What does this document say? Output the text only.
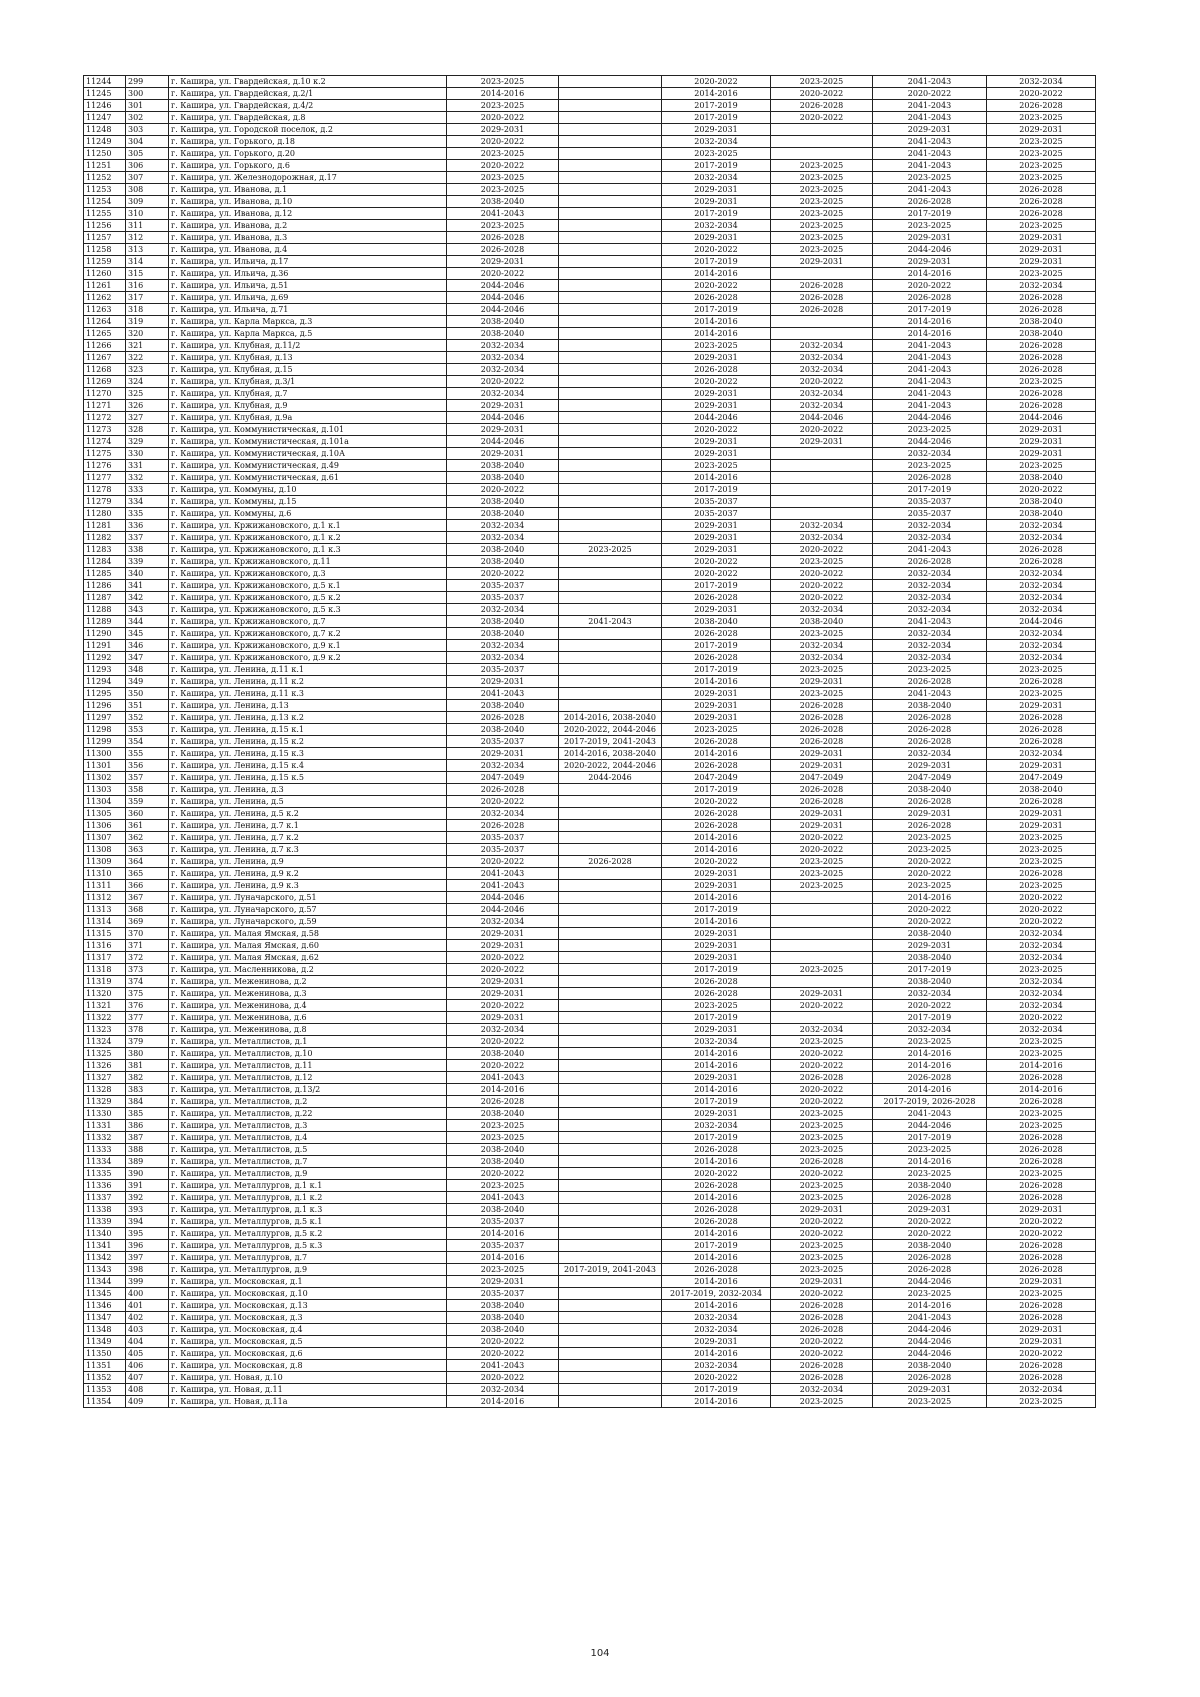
11244	299	г. Кашира, ул. Гвардейская, д.10 к.2	2023-2025		2020-2022	2023-2025	2041-2043	2032-2034
11245	300	г. Кашира, ул. Гвардейская, д.2/1	2014-2016		2014-2016	2020-2022	2020-2022	2020-2022
11246	301	г. Кашира, ул. Гвардейская, д.4/2	2023-2025		2017-2019	2026-2028	2041-2043	2026-2028
11247	302	г. Кашира, ул. Гвардейская, д.8	2020-2022		2017-2019	2020-2022	2041-2043	2023-2025
11248	303	г. Кашира, ул. Городской поселок, д.2	2029-2031		2029-2031		2029-2031	2029-2031
11249	304	г. Кашира, ул. Горького, д.18	2020-2022		2032-2034		2041-2043	2023-2025
11250	305	г. Кашира, ул. Горького, д.20	2023-2025		2023-2025		2041-2043	2023-2025
11251	306	г. Кашира, ул. Горького, д.6	2020-2022		2017-2019	2023-2025	2041-2043	2023-2025
11252	307	г. Кашира, ул. Железнодорожная, д.17	2023-2025		2032-2034	2023-2025	2023-2025	2023-2025
11253	308	г. Кашира, ул. Иванова, д.1	2023-2025		2029-2031	2023-2025	2041-2043	2026-2028
11254	309	г. Кашира, ул. Иванова, д.10	2038-2040		2029-2031	2023-2025	2026-2028	2026-2028
11255	310	г. Кашира, ул. Иванова, д.12	2041-2043		2017-2019	2023-2025	2017-2019	2026-2028
11256	311	г. Кашира, ул. Иванова, д.2	2023-2025		2032-2034	2023-2025	2023-2025	2023-2025
11257	312	г. Кашира, ул. Иванова, д.3	2026-2028		2029-2031	2023-2025	2029-2031	2029-2031
11258	313	г. Кашира, ул. Иванова, д.4	2026-2028		2020-2022	2023-2025	2044-2046	2029-2031
11259	314	г. Кашира, ул. Ильича, д.17	2029-2031		2017-2019	2029-2031	2029-2031	2029-2031
11260	315	г. Кашира, ул. Ильича, д.36	2020-2022		2014-2016		2014-2016	2023-2025
11261	316	г. Кашира, ул. Ильича, д.51	2044-2046		2020-2022	2026-2028	2020-2022	2032-2034
11262	317	г. Кашира, ул. Ильича, д.69	2044-2046		2026-2028	2026-2028	2026-2028	2026-2028
11263	318	г. Кашира, ул. Ильича, д.71	2044-2046		2017-2019	2026-2028	2017-2019	2026-2028
11264	319	г. Кашира, ул. Карла Маркса, д.3	2038-2040		2014-2016		2014-2016	2038-2040
11265	320	г. Кашира, ул. Карла Маркса, д.5	2038-2040		2014-2016		2014-2016	2038-2040
11266	321	г. Кашира, ул. Клубная, д.11/2	2032-2034		2023-2025	2032-2034	2041-2043	2026-2028
11267	322	г. Кашира, ул. Клубная, д.13	2032-2034		2029-2031	2032-2034	2041-2043	2026-2028
11268	323	г. Кашира, ул. Клубная, д.15	2032-2034		2026-2028	2032-2034	2041-2043	2026-2028
11269	324	г. Кашира, ул. Клубная, д.3/1	2020-2022		2020-2022	2020-2022	2041-2043	2023-2025
11270	325	г. Кашира, ул. Клубная, д.7	2032-2034		2029-2031	2032-2034	2041-2043	2026-2028
11271	326	г. Кашира, ул. Клубная, д.9	2029-2031		2029-2031	2032-2034	2041-2043	2026-2028
11272	327	г. Кашира, ул. Клубная, д.9а	2044-2046		2044-2046	2044-2046	2044-2046	2044-2046
11273	328	г. Кашира, ул. Коммунистическая, д.101	2029-2031		2020-2022	2020-2022	2023-2025	2029-2031
11274	329	г. Кашира, ул. Коммунистическая, д.101а	2044-2046		2029-2031	2029-2031	2044-2046	2029-2031
11275	330	г. Кашира, ул. Коммунистическая, д.10А	2029-2031		2029-2031		2032-2034	2029-2031
11276	331	г. Кашира, ул. Коммунистическая, д.49	2038-2040		2023-2025		2023-2025	2023-2025
11277	332	г. Кашира, ул. Коммунистическая, д.61	2038-2040		2014-2016		2026-2028	2038-2040
11278	333	г. Кашира, ул. Коммуны, д.10	2020-2022		2017-2019		2017-2019	2020-2022
11279	334	г. Кашира, ул. Коммуны, д.15	2038-2040		2035-2037		2035-2037	2038-2040
11280	335	г. Кашира, ул. Коммуны, д.6	2038-2040		2035-2037		2035-2037	2038-2040
11281	336	г. Кашира, ул. Кржижановского, д.1 к.1	2032-2034		2029-2031	2032-2034	2032-2034	2032-2034
11282	337	г. Кашира, ул. Кржижановского, д.1 к.2	2032-2034		2029-2031	2032-2034	2032-2034	2032-2034
11283	338	г. Кашира, ул. Кржижановского, д.1 к.3	2038-2040	2023-2025	2029-2031	2020-2022	2041-2043	2026-2028
11284	339	г. Кашира, ул. Кржижановского, д.11	2038-2040		2020-2022	2023-2025	2026-2028	2026-2028
11285	340	г. Кашира, ул. Кржижановского, д.3	2020-2022		2020-2022	2020-2022	2032-2034	2032-2034
11286	341	г. Кашира, ул. Кржижановского, д.5 к.1	2035-2037		2017-2019	2020-2022	2032-2034	2032-2034
11287	342	г. Кашира, ул. Кржижановского, д.5 к.2	2035-2037		2026-2028	2020-2022	2032-2034	2032-2034
11288	343	г. Кашира, ул. Кржижановского, д.5 к.3	2032-2034		2029-2031	2032-2034	2032-2034	2032-2034
11289	344	г. Кашира, ул. Кржижановского, д.7	2038-2040	2041-2043	2038-2040	2038-2040	2041-2043	2044-2046
11290	345	г. Кашира, ул. Кржижановского, д.7 к.2	2038-2040		2026-2028	2023-2025	2032-2034	2032-2034
11291	346	г. Кашира, ул. Кржижановского, д.9 к.1	2032-2034		2017-2019	2032-2034	2032-2034	2032-2034
11292	347	г. Кашира, ул. Кржижановского, д.9 к.2	2032-2034		2026-2028	2032-2034	2032-2034	2032-2034
11293	348	г. Кашира, ул. Ленина, д.11 к.1	2035-2037		2017-2019	2023-2025	2023-2025	2023-2025
11294	349	г. Кашира, ул. Ленина, д.11 к.2	2029-2031		2014-2016	2029-2031	2026-2028	2026-2028
11295	350	г. Кашира, ул. Ленина, д.11 к.3	2041-2043		2029-2031	2023-2025	2041-2043	2023-2025
11296	351	г. Кашира, ул. Ленина, д.13	2038-2040		2029-2031	2026-2028	2038-2040	2029-2031
11297	352	г. Кашира, ул. Ленина, д.13 к.2	2026-2028	2014-2016, 2038-2040	2029-2031	2026-2028	2026-2028	2026-2028
11298	353	г. Кашира, ул. Ленина, д.15 к.1	2038-2040	2020-2022, 2044-2046	2023-2025	2026-2028	2026-2028	2026-2028
11299	354	г. Кашира, ул. Ленина, д.15 к.2	2035-2037	2017-2019, 2041-2043	2026-2028	2026-2028	2026-2028	2026-2028
11300	355	г. Кашира, ул. Ленина, д.15 к.3	2029-2031	2014-2016, 2038-2040	2014-2016	2029-2031	2032-2034	2032-2034
11301	356	г. Кашира, ул. Ленина, д.15 к.4	2032-2034	2020-2022, 2044-2046	2026-2028	2029-2031	2029-2031	2029-2031
11302	357	г. Кашира, ул. Ленина, д.15 к.5	2047-2049	2044-2046	2047-2049	2047-2049	2047-2049	2047-2049
11303	358	г. Кашира, ул. Ленина, д.3	2026-2028		2017-2019	2026-2028	2038-2040	2038-2040
11304	359	г. Кашира, ул. Ленина, д.5	2020-2022		2020-2022	2026-2028	2026-2028	2026-2028
11305	360	г. Кашира, ул. Ленина, д.5 к.2	2032-2034		2026-2028	2029-2031	2029-2031	2029-2031
11306	361	г. Кашира, ул. Ленина, д.7 к.1	2026-2028		2026-2028	2029-2031	2026-2028	2029-2031
11307	362	г. Кашира, ул. Ленина, д.7 к.2	2035-2037		2014-2016	2020-2022	2023-2025	2023-2025
11308	363	г. Кашира, ул. Ленина, д.7 к.3	2035-2037		2014-2016	2020-2022	2023-2025	2023-2025
11309	364	г. Кашира, ул. Ленина, д.9	2020-2022	2026-2028	2020-2022	2023-2025	2020-2022	2023-2025
11310	365	г. Кашира, ул. Ленина, д.9 к.2	2041-2043		2029-2031	2023-2025	2020-2022	2026-2028
11311	366	г. Кашира, ул. Ленина, д.9 к.3	2041-2043		2029-2031	2023-2025	2023-2025	2023-2025
11312	367	г. Кашира, ул. Луначарского, д.51	2044-2046		2014-2016		2014-2016	2020-2022
11313	368	г. Кашира, ул. Луначарского, д.57	2044-2046		2017-2019		2020-2022	2020-2022
11314	369	г. Кашира, ул. Луначарского, д.59	2032-2034		2014-2016		2020-2022	2020-2022
11315	370	г. Кашира, ул. Малая Ямская, д.58	2029-2031		2029-2031		2038-2040	2032-2034
11316	371	г. Кашира, ул. Малая Ямская, д.60	2029-2031		2029-2031		2029-2031	2032-2034
11317	372	г. Кашира, ул. Малая Ямская, д.62	2020-2022		2029-2031		2038-2040	2032-2034
11318	373	г. Кашира, ул. Масленникова, д.2	2020-2022		2017-2019	2023-2025	2017-2019	2023-2025
11319	374	г. Кашира, ул. Меженинова, д.2	2029-2031		2026-2028		2038-2040	2032-2034
11320	375	г. Кашира, ул. Меженинова, д.3	2029-2031		2026-2028	2029-2031	2032-2034	2032-2034
11321	376	г. Кашира, ул. Меженинова, д.4	2020-2022		2023-2025	2020-2022	2020-2022	2032-2034
11322	377	г. Кашира, ул. Меженинова, д.6	2029-2031		2017-2019		2017-2019	2020-2022
11323	378	г. Кашира, ул. Меженинова, д.8	2032-2034		2029-2031	2032-2034	2032-2034	2032-2034
11324	379	г. Кашира, ул. Металлистов, д.1	2020-2022		2032-2034	2023-2025	2023-2025	2023-2025
11325	380	г. Кашира, ул. Металлистов, д.10	2038-2040		2014-2016	2020-2022	2014-2016	2023-2025
11326	381	г. Кашира, ул. Металлистов, д.11	2020-2022		2014-2016	2020-2022	2014-2016	2014-2016
11327	382	г. Кашира, ул. Металлистов, д.12	2041-2043		2029-2031	2026-2028	2026-2028	2026-2028
11328	383	г. Кашира, ул. Металлистов, д.13/2	2014-2016		2014-2016	2020-2022	2014-2016	2014-2016
11329	384	г. Кашира, ул. Металлистов, д.2	2026-2028		2017-2019	2020-2022	2017-2019, 2026-2028	2026-2028
11330	385	г. Кашира, ул. Металлистов, д.22	2038-2040		2029-2031	2023-2025	2041-2043	2023-2025
11331	386	г. Кашира, ул. Металлистов, д.3	2023-2025		2032-2034	2023-2025	2044-2046	2023-2025
11332	387	г. Кашира, ул. Металлистов, д.4	2023-2025		2017-2019	2023-2025	2017-2019	2026-2028
11333	388	г. Кашира, ул. Металлистов, д.5	2038-2040		2026-2028	2023-2025	2023-2025	2026-2028
11334	389	г. Кашира, ул. Металлистов, д.7	2038-2040		2014-2016	2026-2028	2014-2016	2026-2028
11335	390	г. Кашира, ул. Металлистов, д.9	2020-2022		2020-2022	2020-2022	2023-2025	2023-2025
11336	391	г. Кашира, ул. Металлургов, д.1 к.1	2023-2025		2026-2028	2023-2025	2038-2040	2026-2028
11337	392	г. Кашира, ул. Металлургов, д.1 к.2	2041-2043		2014-2016	2023-2025	2026-2028	2026-2028
11338	393	г. Кашира, ул. Металлургов, д.1 к.3	2038-2040		2026-2028	2029-2031	2029-2031	2029-2031
11339	394	г. Кашира, ул. Металлургов, д.5 к.1	2035-2037		2026-2028	2020-2022	2020-2022	2020-2022
11340	395	г. Кашира, ул. Металлургов, д.5 к.2	2014-2016		2014-2016	2020-2022	2020-2022	2020-2022
11341	396	г. Кашира, ул. Металлургов, д.5 к.3	2035-2037		2017-2019	2023-2025	2038-2040	2026-2028
11342	397	г. Кашира, ул. Металлургов, д.7	2014-2016		2014-2016	2023-2025	2026-2028	2026-2028
11343	398	г. Кашира, ул. Металлургов, д.9	2023-2025	2017-2019, 2041-2043	2026-2028	2023-2025	2026-2028	2026-2028
11344	399	г. Кашира, ул. Московская, д.1	2029-2031		2014-2016	2029-2031	2044-2046	2029-2031
11345	400	г. Кашира, ул. Московская, д.10	2035-2037		2017-2019, 2032-2034	2020-2022	2023-2025	2023-2025
11346	401	г. Кашира, ул. Московская, д.13	2038-2040		2014-2016	2026-2028	2014-2016	2026-2028
11347	402	г. Кашира, ул. Московская, д.3	2038-2040		2032-2034	2026-2028	2041-2043	2026-2028
11348	403	г. Кашира, ул. Московская, д.4	2038-2040		2032-2034	2026-2028	2044-2046	2029-2031
11349	404	г. Кашира, ул. Московская, д.5	2020-2022		2029-2031	2020-2022	2044-2046	2029-2031
11350	405	г. Кашира, ул. Московская, д.6	2020-2022		2014-2016	2020-2022	2044-2046	2020-2022
11351	406	г. Кашира, ул. Московская, д.8	2041-2043		2032-2034	2026-2028	2038-2040	2026-2028
11352	407	г. Кашира, ул. Новая, д.10	2020-2022		2020-2022	2026-2028	2026-2028	2026-2028
11353	408	г. Кашира, ул. Новая, д.11	2032-2034		2017-2019	2032-2034	2029-2031	2032-2034
11354	409	г. Кашира, ул. Новая, д.11а	2014-2016		2014-2016	2023-2025	2023-2025	2023-2025
104
